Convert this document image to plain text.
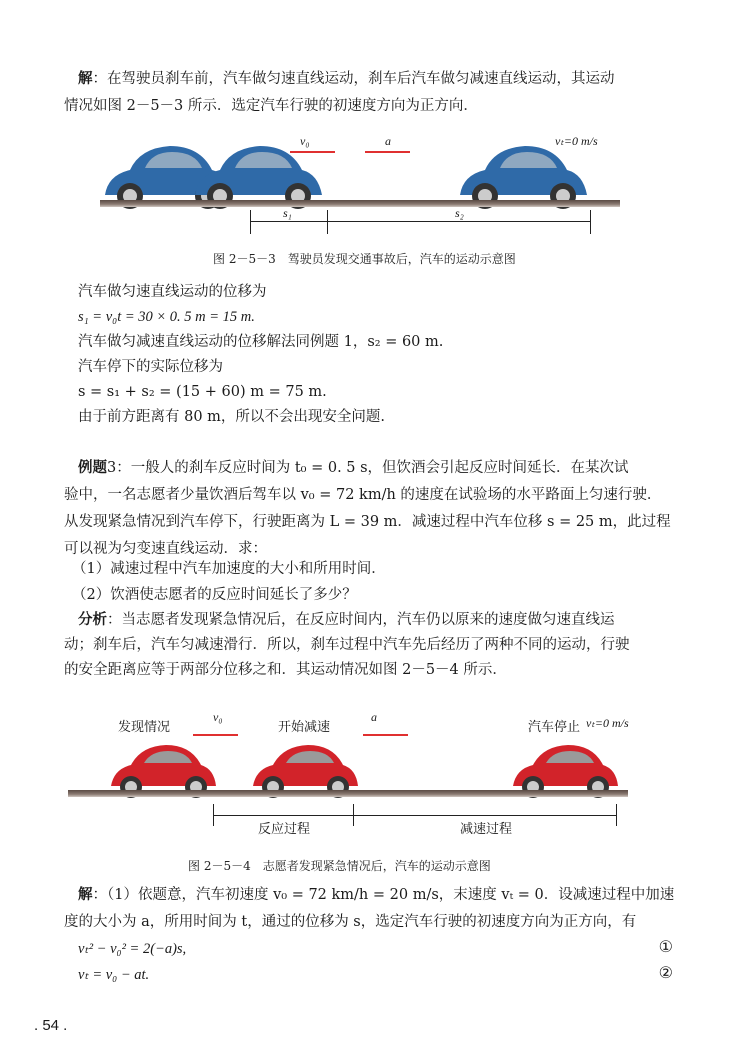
解：在驾驶员刹车前，汽车做匀速直线运动，刹车后汽车做匀减速直线运动，其运动
情况如图 2－5－3 所示．选定汽车行驶的初速度方向为正方向．
v₀	a	vₜ=0 m/s
s₁	s₂
图 2－5－3　驾驶员发现交通事故后，汽车的运动示意图
汽车做匀速直线运动的位移为
s₁ = v₀t = 30 × 0. 5 m = 15 m.
汽车做匀减速直线运动的位移解法同例题 1，s₂ = 60 m.
汽车停下的实际位移为
s = s₁ + s₂ = (15 + 60) m = 75 m.
由于前方距离有 80 m，所以不会出现安全问题.
例题3：一般人的刹车反应时间为 t₀ = 0. 5 s，但饮酒会引起反应时间延长．在某次试
验中，一名志愿者少量饮酒后驾车以 v₀ = 72 km/h 的速度在试验场的水平路面上匀速行驶．
从发现紧急情况到汽车停下，行驶距离为 L = 39 m．减速过程中汽车位移 s = 25 m，此过程
可以视为匀变速直线运动．求：
（1）减速过程中汽车加速度的大小和所用时间．
（2）饮酒使志愿者的反应时间延长了多少？
分析：当志愿者发现紧急情况后，在反应时间内，汽车仍以原来的速度做匀速直线运
动；刹车后，汽车匀减速滑行．所以，刹车过程中汽车先后经历了两种不同的运动，行驶
的安全距离应等于两部分位移之和．其运动情况如图 2－5－4 所示．
发现情况
v₀
开始减速
a
汽车停止 vₜ=0 m/s
反应过程	减速过程
图 2－5－4　志愿者发现紧急情况后，汽车的运动示意图
解：（1）依题意，汽车初速度 v₀ = 72 km/h = 20 m/s，末速度 vₜ = 0．设减速过程中加速
度的大小为 a，所用时间为 t，通过的位移为 s，选定汽车行驶的初速度方向为正方向，有
vₜ² − v₀² = 2(−a)s,	①
vₜ = v₀ − at.	②
. 54 .
